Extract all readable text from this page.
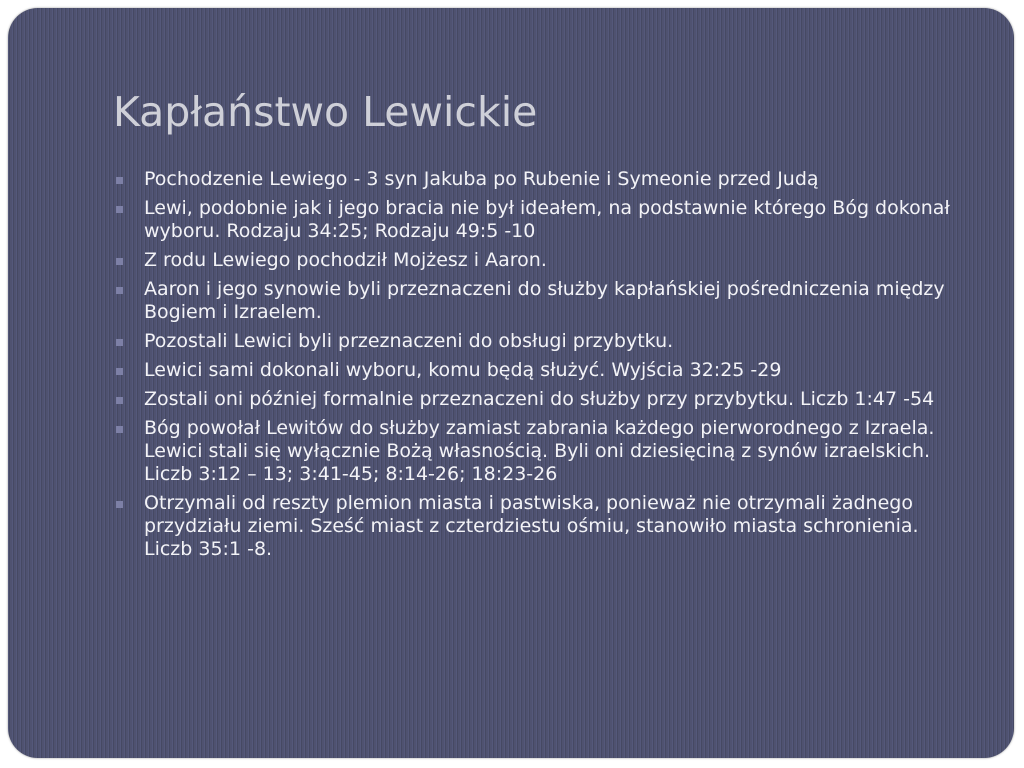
Kapłaństwo Lewickie
Pochodzenie Lewiego - 3 syn Jakuba po Rubenie i Symeonie przed Judą
Lewi, podobnie jak i jego bracia nie był ideałem, na podstawnie którego Bóg dokonał wyboru. Rodzaju 34:25; Rodzaju 49:5 -10
Z rodu Lewiego pochodził Mojżesz i Aaron.
Aaron i jego synowie byli przeznaczeni do służby kapłańskiej pośredniczenia między Bogiem i Izraelem.
Pozostali Lewici byli przeznaczeni do obsługi przybytku.
Lewici sami dokonali wyboru, komu będą służyć. Wyjścia 32:25 -29
Zostali oni później formalnie przeznaczeni do służby przy przybytku. Liczb 1:47 -54
Bóg powołał Lewitów do służby zamiast zabrania każdego pierworodnego z Izraela. Lewici stali się wyłącznie Bożą własnością. Byli oni dziesięciną z synów izraelskich. Liczb 3:12 – 13; 3:41-45; 8:14-26; 18:23-26
Otrzymali od reszty plemion miasta i pastwiska, ponieważ nie otrzymali żadnego przydziału ziemi. Sześć miast z czterdziestu ośmiu, stanowiło miasta schronienia. Liczb 35:1 -8.
